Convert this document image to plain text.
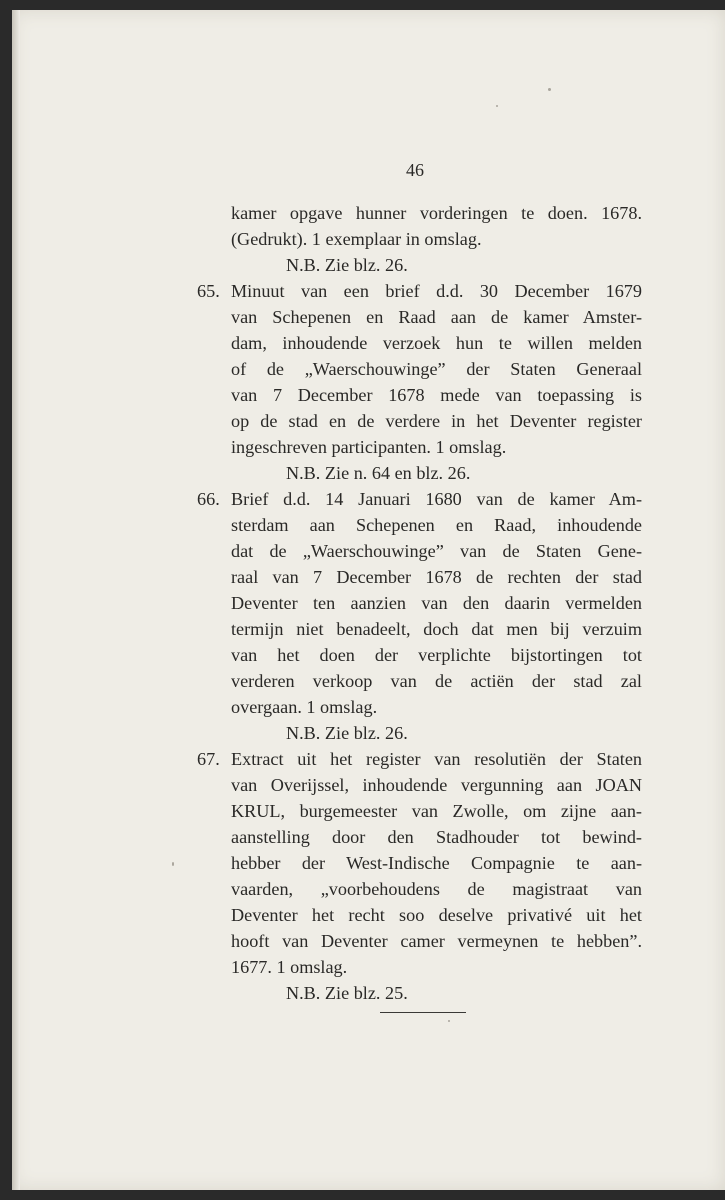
46
kamer opgave hunner vorderingen te doen. 1678.
(Gedrukt). 1 exemplaar in omslag.
N.B. Zie blz. 26.
65. Minuut van een brief d.d. 30 December 1679
van Schepenen en Raad aan de kamer Amster-
dam, inhoudende verzoek hun te willen melden
of de „Waerschouwinge” der Staten Generaal
van 7 December 1678 mede van toepassing is
op de stad en de verdere in het Deventer register
ingeschreven participanten. 1 omslag.
N.B. Zie n. 64 en blz. 26.
66. Brief d.d. 14 Januari 1680 van de kamer Am-
sterdam aan Schepenen en Raad, inhoudende
dat de „Waerschouwinge” van de Staten Gene-
raal van 7 December 1678 de rechten der stad
Deventer ten aanzien van den daarin vermelden
termijn niet benadeelt, doch dat men bij verzuim
van het doen der verplichte bijstortingen tot
verderen verkoop van de actiën der stad zal
overgaan. 1 omslag.
N.B. Zie blz. 26.
67. Extract uit het register van resolutiën der Staten
van Overijssel, inhoudende vergunning aan JOAN
KRUL, burgemeester van Zwolle, om zijne aan-
aanstelling door den Stadhouder tot bewind-
hebber der West-Indische Compagnie te aan-
vaarden, „voorbehoudens de magistraat van
Deventer het recht soo deselve privativé uit het
hooft van Deventer camer vermeynen te hebben”.
1677. 1 omslag.
N.B. Zie blz. 25.
